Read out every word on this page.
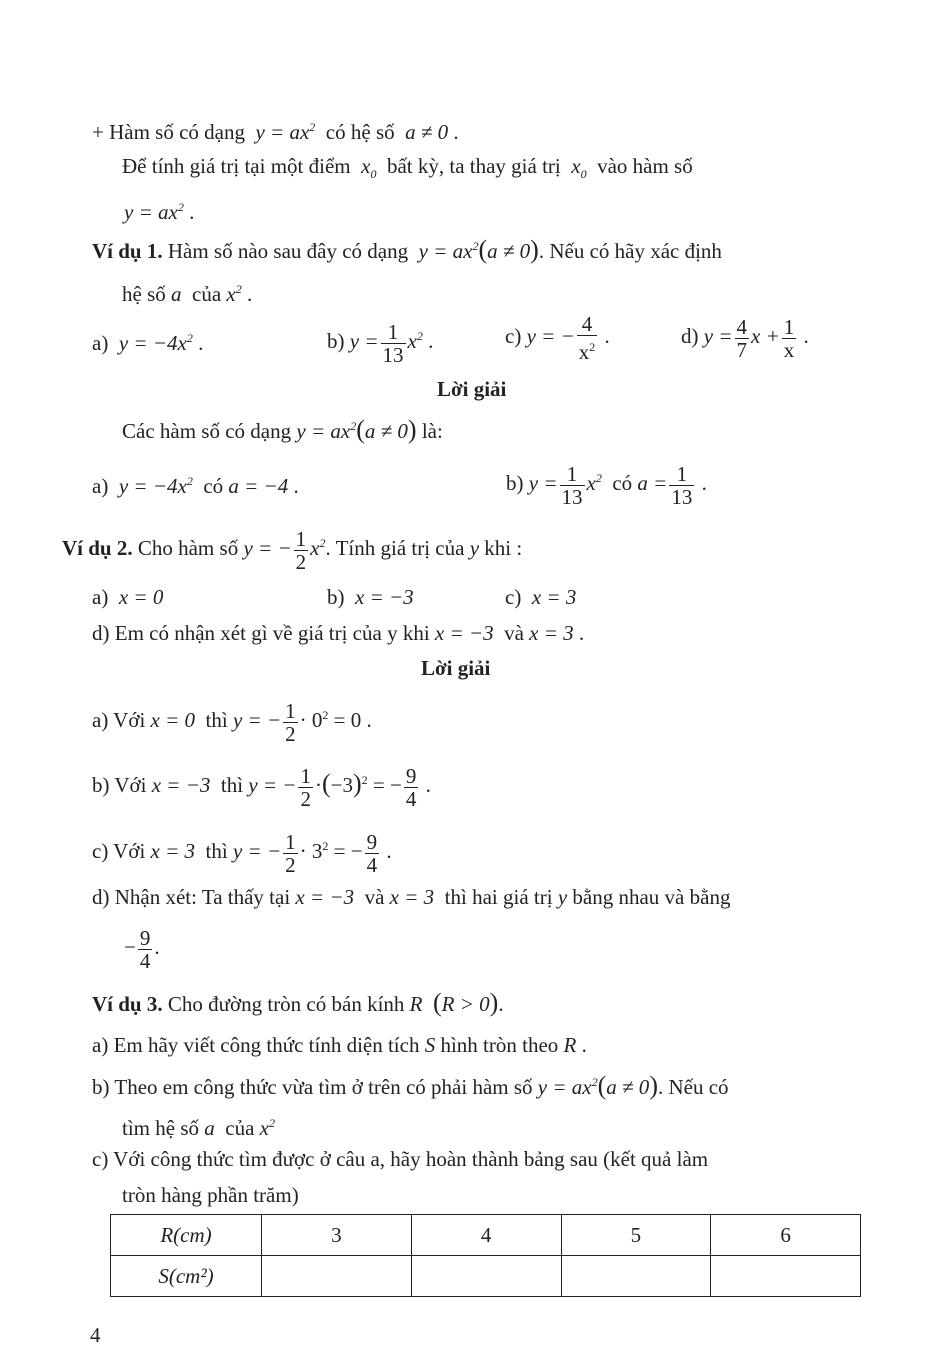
+ Hàm số có dạng  $y = ax^2$ có hệ số  a ≠ 0 .
Để tính giá trị tại một điểm  $x_0$ bất kỳ, ta thay giá trị  $x_0$ vào hàm số
$y = ax^2$ .
Ví dụ 1. Hàm số nào sau đây có dạng  $y = ax^2(a \ne 0)$. Nếu có hãy xác định
hệ số a  của $x^2$ .
a) $y = -4x^2$ .	b) $y = \frac{1}{13} x^2$ .	c) y = − $\frac{4}{x^2}$ .	d) $y = \frac{4}{7}$ $x + \frac{1}{x}$ .
Lời giải
Các hàm số có dạng $y = ax^2(a \ne 0)$ là:
a) $y = -4x^2$ có a = −4 .	b) $y = \frac{1}{13} x^2$ có $a = \frac{1}{13}$ .
Ví dụ 2. Cho hàm số y = − $\frac{1}{2} x^2$. Tính giá trị của y khi :
a) x = 0	b) x = −3	c) x = 3
d) Em có nhận xét gì về giá trị của y khi x = −3 và x = 3 .
Lời giải
a) Với x = 0 thì y = − $\frac{1}{2} \cdot 0^2 = 0$ .
b) Với x = −3 thì y = − $\frac{1}{2} \cdot(-3)^2$ = − $\frac{9}{4}$ .
c) Với x = 3 thì y = − $\frac{1}{2} \cdot 3^2$ = − $\frac{9}{4}$ .
d) Nhận xét: Ta thấy tại x = −3 và x = 3 thì hai giá trị y bằng nhau và bằng
− $\frac{9}{4}$ .
Ví dụ 3. Cho đường tròn có bán kính R  (R > 0).
a) Em hãy viết công thức tính diện tích S hình tròn theo R .
b) Theo em công thức vừa tìm ở trên có phải hàm số $y = ax^2(a \ne 0)$. Nếu có
tìm hệ số a  của $x^2$
c) Với công thức tìm được ở câu a, hãy hoàn thành bảng sau (kết quả làm
tròn hàng phần trăm)
R(cm)	3	4	5	6
S(cm²)				
4
